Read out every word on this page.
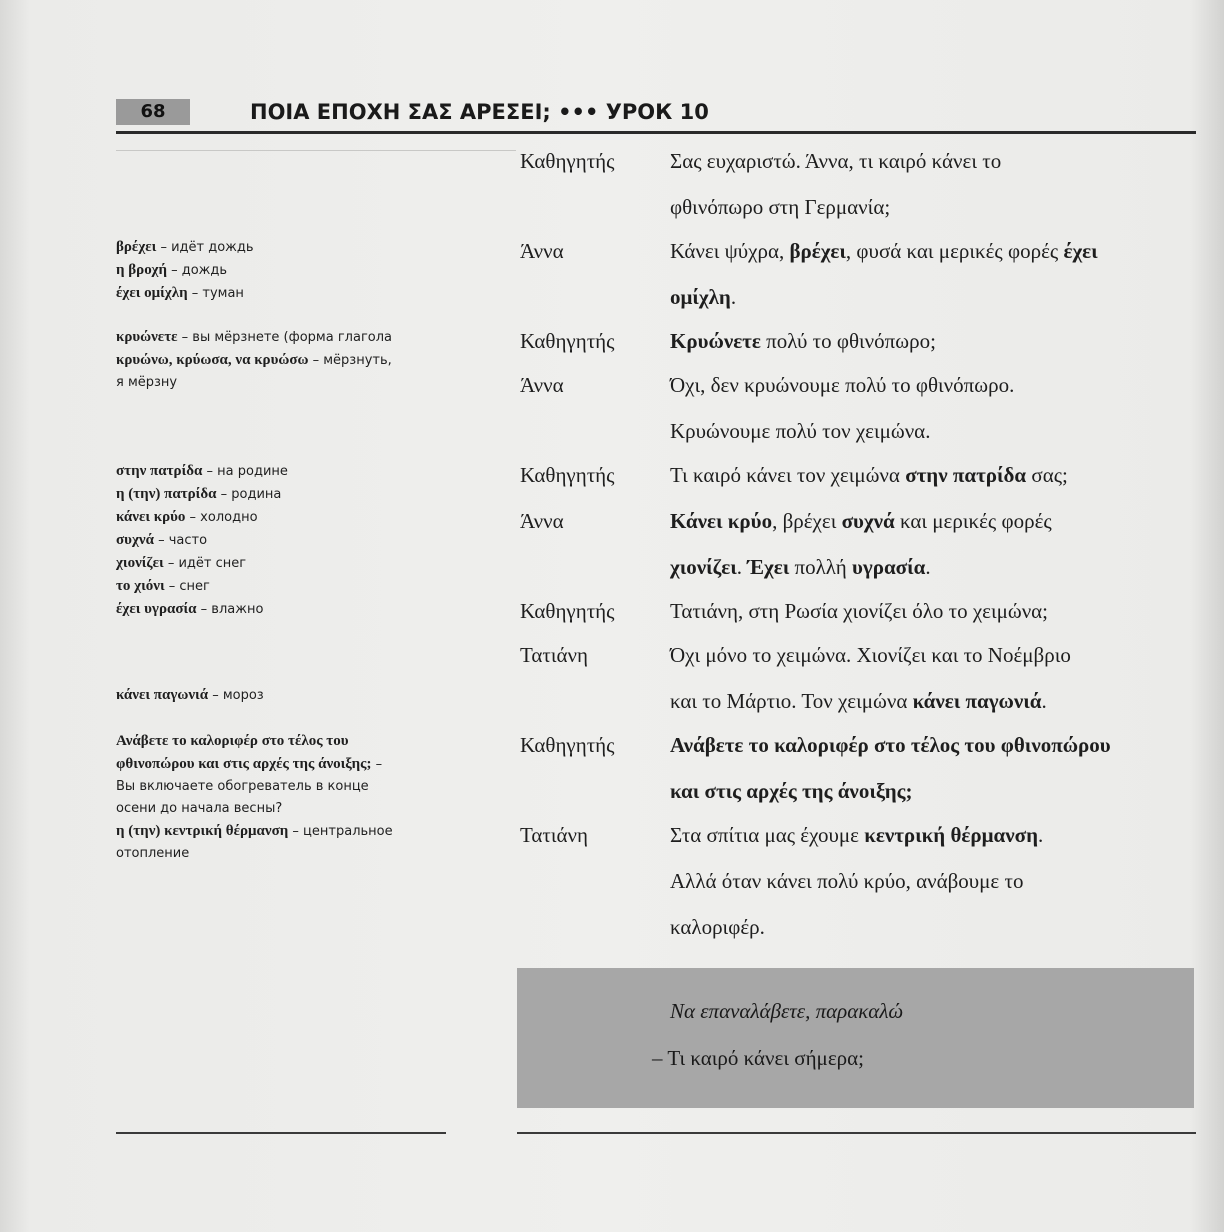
68	ΠΟΙΑ ΕΠΟΧΗ ΣΑΣ ΑΡΕΣΕΙ; ••• УРОК 10
βρέχει – идёт дождь
η βροχή – дождь
έχει ομίχλη – туман
κρυώνετε – вы мёрзнете (форма глагола
κρυώνω, κρύωσα, να κρυώσω – мёрзнуть,
я мёрзну
στην πατρίδα – на родине
η (την) πατρίδα – родина
κάνει κρύο – холодно
συχνά – часто
χιονίζει – идёт снег
το χιόνι – снег
έχει υγρασία – влажно
κάνει παγωνιά – мороз
Ανάβετε το καλοριφέρ στο τέλος του
φθινοπώρου και στις αρχές της άνοιξης; –
Вы включаете обогреватель в конце
осени до начала весны?
η (την) κεντρική θέρμανση – центральное
отопление
Καθηγητής	Σας ευχαριστώ. Άννα, τι καιρό κάνει το
φθινόπωρο στη Γερμανία;
Άννα	Κάνει ψύχρα, βρέχει, φυσά και μερικές φορές έχει
ομίχλη.
Καθηγητής	Κρυώνετε πολύ το φθινόπωρο;
Άννα	Όχι, δεν κρυώνουμε πολύ το φθινόπωρο.
Κρυώνουμε πολύ τον χειμώνα.
Καθηγητής	Τι καιρό κάνει τον χειμώνα στην πατρίδα σας;
Άννα	Κάνει κρύο, βρέχει συχνά και μερικές φορές
χιονίζει. Έχει πολλή υγρασία.
Καθηγητής	Τατιάνη, στη Ρωσία χιονίζει όλο το χειμώνα;
Τατιάνη	Όχι μόνο το χειμώνα. Χιονίζει και το Νοέμβριο
και το Μάρτιο. Τον χειμώνα κάνει παγωνιά.
Καθηγητής	Ανάβετε το καλοριφέρ στο τέλος του φθινοπώρου
και στις αρχές της άνοιξης;
Τατιάνη	Στα σπίτια μας έχουμε κεντρική θέρμανση.
Αλλά όταν κάνει πολύ κρύο, ανάβουμε το
καλοριφέρ.
Να επαναλάβετε, παρακαλώ
– Τι καιρό κάνει σήμερα;
